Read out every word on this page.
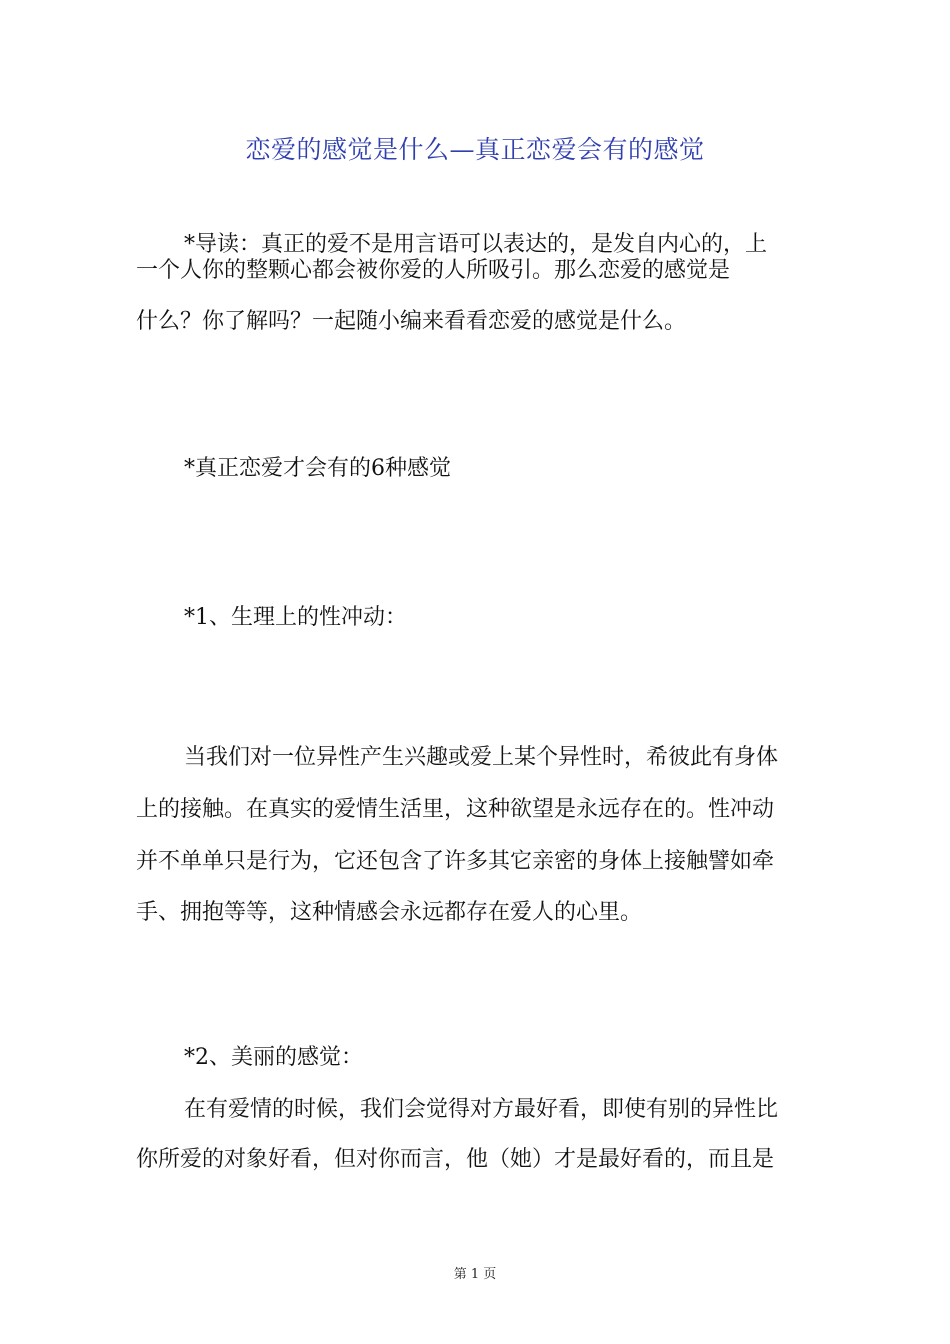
恋爱的感觉是什么—真正恋爱会有的感觉
*导读：真正的爱不是用言语可以表达的，是发自内心的，上
一个人你的整颗心都会被你爱的人所吸引。那么恋爱的感觉是
什么？你了解吗？一起随小编来看看恋爱的感觉是什么。
*真正恋爱才会有的6种感觉
*1、生理上的性冲动：
当我们对一位异性产生兴趣或爱上某个异性时，希彼此有身体
上的接触。在真实的爱情生活里，这种欲望是永远存在的。性冲动
并不单单只是行为，它还包含了许多其它亲密的身体上接触譬如牵
手、拥抱等等，这种情感会永远都存在爱人的心里。
*2、美丽的感觉：
在有爱情的时候，我们会觉得对方最好看，即使有别的异性比
你所爱的对象好看，但对你而言，他（她）才是最好看的，而且是
第 1 页
